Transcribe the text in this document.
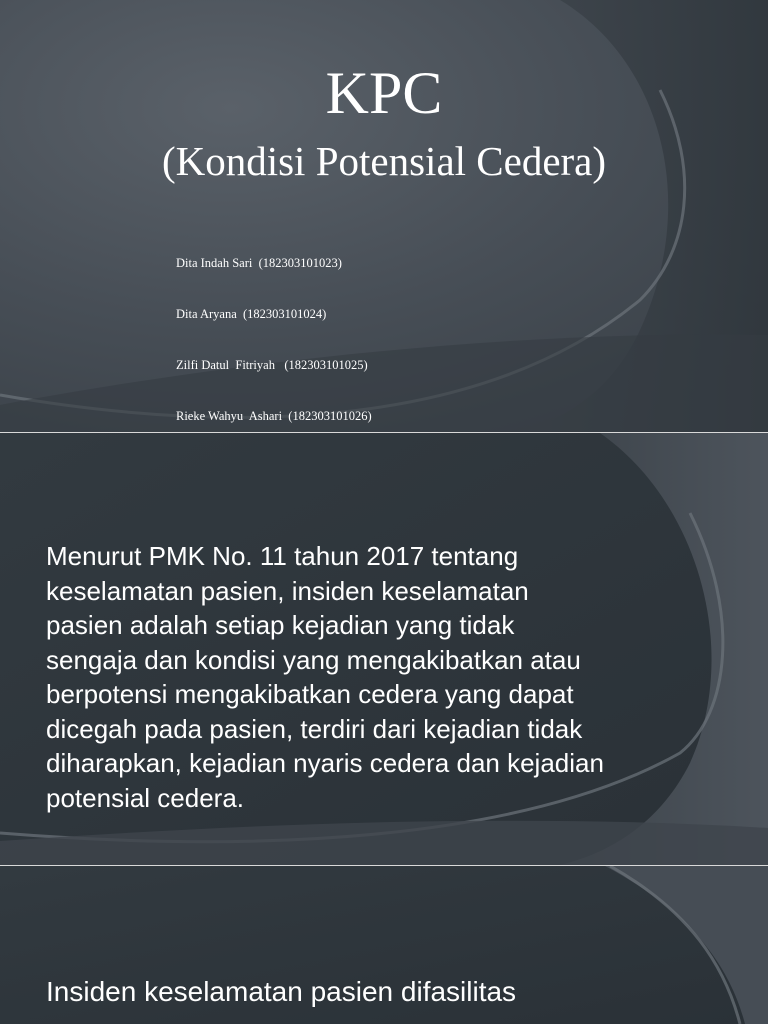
KPC
(Kondisi Potensial Cedera)

Dita Indah Sari  (182303101023)

Dita Aryana  (182303101024)

Zilfi Datul  Fitriyah   (182303101025)

Rieke Wahyu  Ashari  (182303101026)

Menurut PMK No. 11 tahun 2017 tentang
keselamatan pasien, insiden keselamatan
pasien adalah setiap kejadian yang tidak
sengaja dan kondisi yang mengakibatkan atau
berpotensi mengakibatkan cedera yang dapat
dicegah pada pasien, terdiri dari kejadian tidak
diharapkan, kejadian nyaris cedera dan kejadian
potensial cedera.
Insiden keselamatan pasien difasilitas
